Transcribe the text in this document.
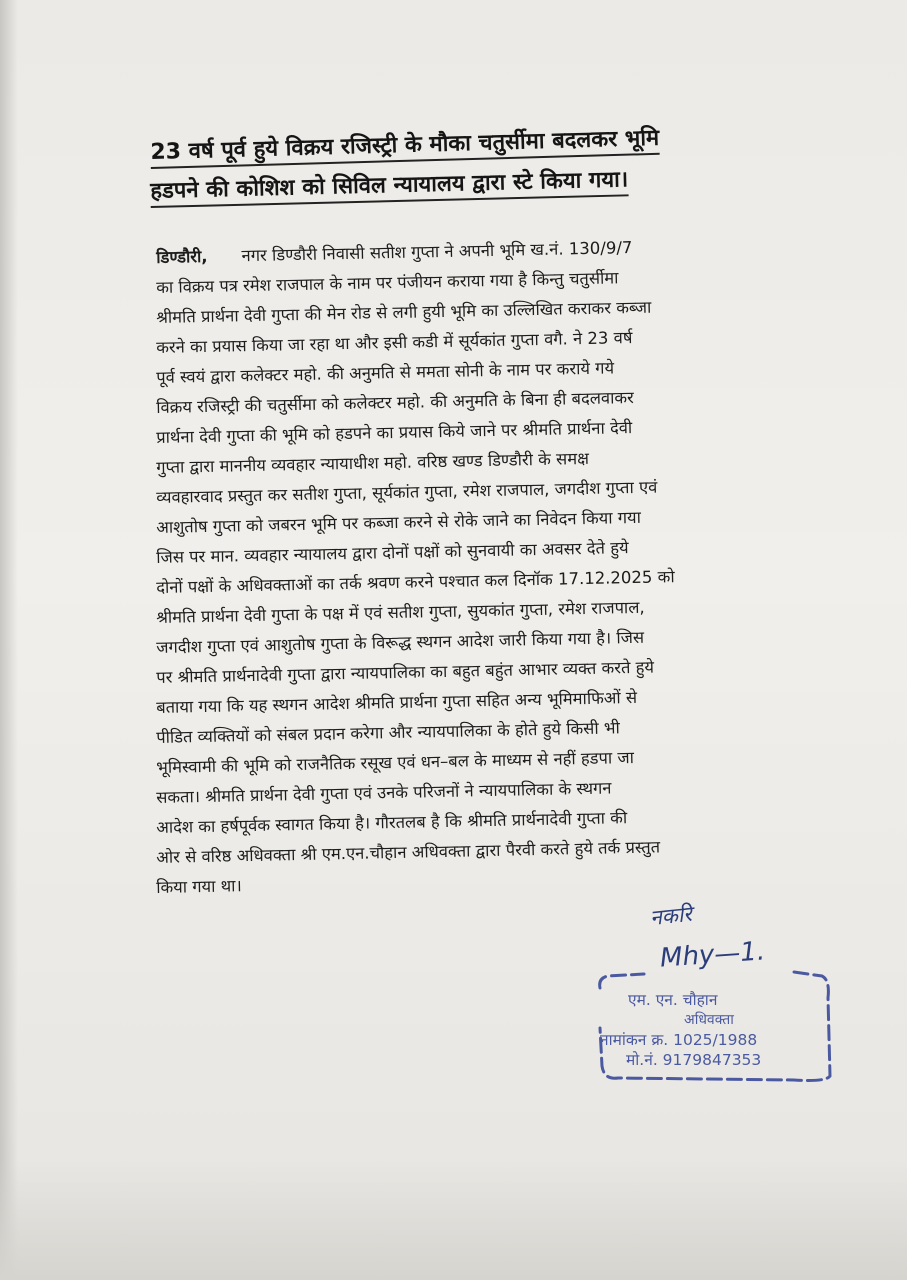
23 वर्ष पूर्व हुये विक्रय रजिस्ट्री के मौका चतुर्सीमा बदलकर भूमि
हडपने की कोशिश को सिविल न्यायालय द्वारा स्टे किया गया।
डिण्डौरी, नगर डिण्डौरी निवासी सतीश गुप्ता ने अपनी भूमि ख.नं. 130/9/7
का विक्रय पत्र रमेश राजपाल के नाम पर पंजीयन कराया गया है किन्तु चतुर्सीमा
श्रीमति प्रार्थना देवी गुप्ता की मेन रोड से लगी हुयी भूमि का उल्लिखित कराकर कब्जा
करने का प्रयास किया जा रहा था और इसी कडी में सूर्यकांत गुप्ता वगै. ने 23 वर्ष
पूर्व स्वयं द्वारा कलेक्टर महो. की अनुमति से ममता सोनी के नाम पर कराये गये
विक्रय रजिस्ट्री की चतुर्सीमा को कलेक्टर महो. की अनुमति के बिना ही बदलवाकर
प्रार्थना देवी गुप्ता की भूमि को हडपने का प्रयास किये जाने पर श्रीमति प्रार्थना देवी
गुप्ता द्वारा माननीय व्यवहार न्यायाधीश महो. वरिष्ठ खण्ड डिण्डौरी के समक्ष
व्यवहारवाद प्रस्तुत कर सतीश गुप्ता, सूर्यकांत गुप्ता, रमेश राजपाल, जगदीश गुप्ता एवं
आशुतोष गुप्ता को जबरन भूमि पर कब्जा करने से रोके जाने का निवेदन किया गया
जिस पर मान. व्यवहार न्यायालय द्वारा दोनों पक्षों को सुनवायी का अवसर देते हुये
दोनों पक्षों के अधिवक्ताओं का तर्क श्रवण करने पश्चात कल दिनॉक 17.12.2025 को
श्रीमति प्रार्थना देवी गुप्ता के पक्ष में एवं सतीश गुप्ता, सुयकांत गुप्ता, रमेश राजपाल,
जगदीश गुप्ता एवं आशुतोष गुप्ता के विरूद्ध स्थगन आदेश जारी किया गया है। जिस
पर श्रीमति प्रार्थनादेवी गुप्ता द्वारा न्यायपालिका का बहुत बहुंत आभार व्यक्त करते हुये
बताया गया कि यह स्थगन आदेश श्रीमति प्रार्थना गुप्ता सहित अन्य भूमिमाफिओं से
पीडित व्यक्तियों को संबल प्रदान करेगा और न्यायपालिका के होते हुये किसी भी
भूमिस्वामी की भूमि को राजनैतिक रसूख एवं धन–बल के माध्यम से नहीं हडपा जा
सकता। श्रीमति प्रार्थना देवी गुप्ता एवं उनके परिजनों ने न्यायपालिका के स्थगन
आदेश का हर्षपूर्वक स्वागत किया है। गौरतलब है कि श्रीमति प्रार्थनादेवी गुप्ता की
ओर से वरिष्ठ अधिवक्ता श्री एम.एन.चौहान अधिवक्ता द्वारा पैरवी करते हुये तर्क प्रस्तुत
किया गया था।
नकरि
Mhy—1.
एम. एन. चौहान
अधिवक्ता
नामांकन क्र. 1025/1988
मो.नं. 9179847353
